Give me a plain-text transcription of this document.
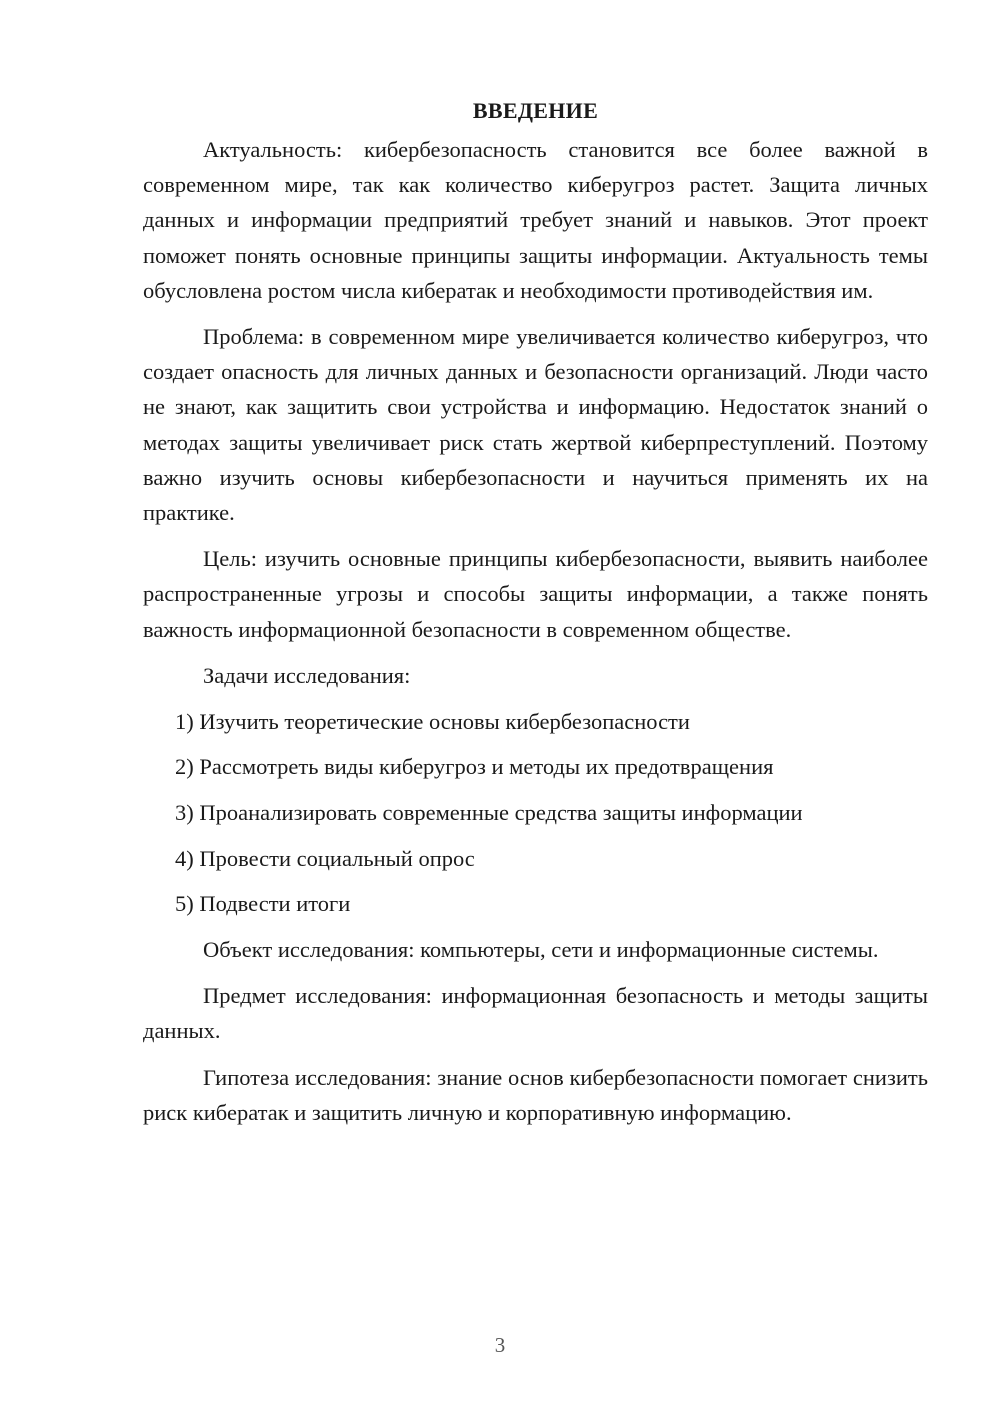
ВВЕДЕНИЕ

Актуальность: кибербезопасность становится все более важной в современном мире, так как количество киберугроз растет. Защита личных данных и информации предприятий требует знаний и навыков. Этот проект поможет понять основные принципы защиты информации. Актуальность темы обусловлена ростом числа кибератак и необходимости противодействия им.

Проблема: в современном мире увеличивается количество киберугроз, что создает опасность для личных данных и безопасности организаций. Люди часто не знают, как защитить свои устройства и информацию. Недостаток знаний о методах защиты увеличивает риск стать жертвой киберпреступлений. Поэтому важно изучить основы кибербезопасности и научиться применять их на практике.

Цель: изучить основные принципы кибербезопасности, выявить наиболее распространенные угрозы и способы защиты информации, а также понять важность информационной безопасности в современном обществе.

Задачи исследования:
1) Изучить теоретические основы кибербезопасности
2) Рассмотреть виды киберугроз и методы их предотвращения
3) Проанализировать современные средства защиты информации
4) Провести социальный опрос
5) Подвести итоги

Объект исследования: компьютеры, сети и информационные системы.

Предмет исследования: информационная безопасность и методы защиты данных.

Гипотеза исследования: знание основ кибербезопасности помогает снизить риск кибератак и защитить личную и корпоративную информацию.

3
